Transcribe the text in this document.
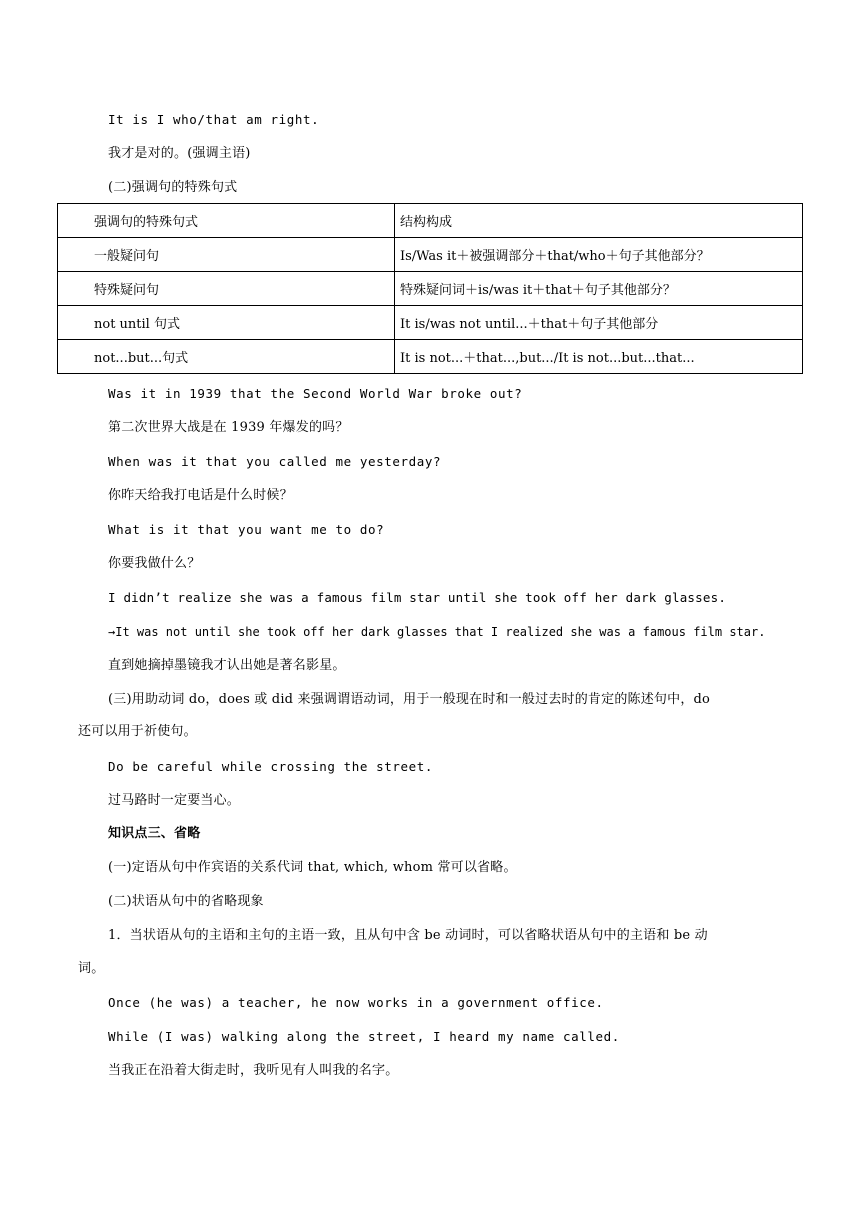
It is I who/that am right.
我才是对的。(强调主语)
(二)强调句的特殊句式
强调句的特殊句式	结构构成
一般疑问句	Is/Was it＋被强调部分＋that/who＋句子其他部分？
特殊疑问句	特殊疑问词＋is/was it＋that＋句子其他部分？
not until 句式	It is/was not until...＋that＋句子其他部分
not...but...句式	It is not...＋that...,but.../It is not...but...that...
Was it in 1939 that the Second World War broke out?
第二次世界大战是在 1939 年爆发的吗？
When was it that you called me yesterday?
你昨天给我打电话是什么时候？
What is it that you want me to do?
你要我做什么？
I didn’t realize she was a famous film star until she took off her dark glasses.
→It was not until she took off her dark glasses that I realized she was a famous film star.
直到她摘掉墨镜我才认出她是著名影星。
(三)用助动词 do，does 或 did 来强调谓语动词，用于一般现在时和一般过去时的肯定的陈述句中，do
还可以用于祈使句。
Do be careful while crossing the street.
过马路时一定要当心。
知识点三、省略
(一)定语从句中作宾语的关系代词 that, which, whom 常可以省略。
(二)状语从句中的省略现象
1．当状语从句的主语和主句的主语一致，且从句中含 be 动词时，可以省略状语从句中的主语和 be 动
词。
Once (he was) a teacher, he now works in a government office.
While (I was) walking along the street, I heard my name called.
当我正在沿着大街走时，我听见有人叫我的名字。
